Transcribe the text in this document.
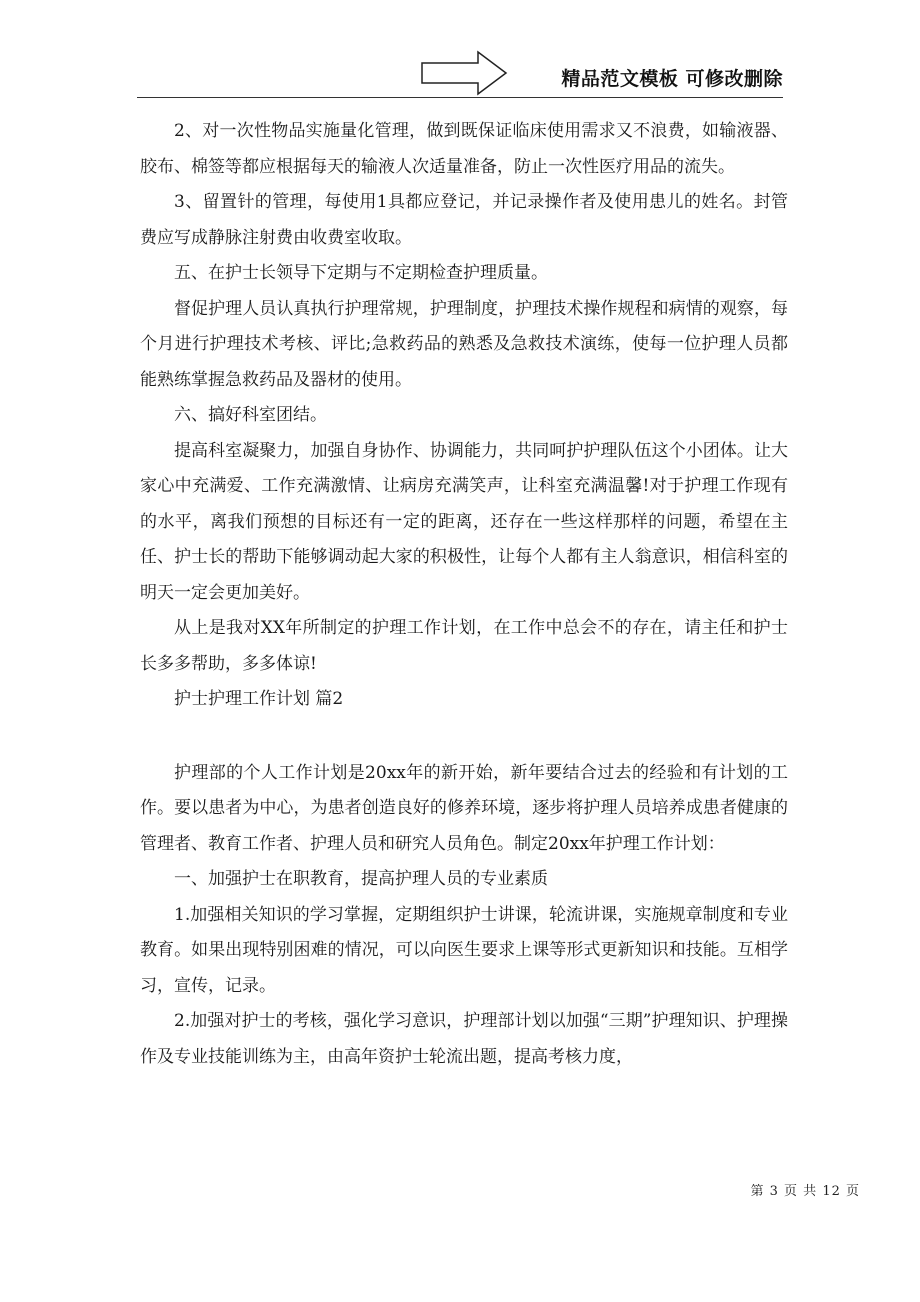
精品范文模板 可修改删除

2、对一次性物品实施量化管理，做到既保证临床使用需求又不浪费，如输液器、胶布、棉签等都应根据每天的输液人次适量准备，防止一次性医疗用品的流失。

3、留置针的管理，每使用1具都应登记，并记录操作者及使用患儿的姓名。封管费应写成静脉注射费由收费室收取。

五、在护士长领导下定期与不定期检查护理质量。

督促护理人员认真执行护理常规，护理制度，护理技术操作规程和病情的观察，每个月进行护理技术考核、评比;急救药品的熟悉及急救技术演练，使每一位护理人员都能熟练掌握急救药品及器材的使用。

六、搞好科室团结。

提高科室凝聚力，加强自身协作、协调能力，共同呵护护理队伍这个小团体。让大家心中充满爱、工作充满激情、让病房充满笑声，让科室充满温馨!对于护理工作现有的水平，离我们预想的目标还有一定的距离，还存在一些这样那样的问题，希望在主任、护士长的帮助下能够调动起大家的积极性，让每个人都有主人翁意识，相信科室的明天一定会更加美好。

从上是我对XX年所制定的护理工作计划，在工作中总会不的存在，请主任和护士长多多帮助，多多体谅!

护士护理工作计划 篇2

护理部的个人工作计划是20xx年的新开始，新年要结合过去的经验和有计划的工作。要以患者为中心，为患者创造良好的修养环境，逐步将护理人员培养成患者健康的管理者、教育工作者、护理人员和研究人员角色。制定20xx年护理工作计划：

一、加强护士在职教育，提高护理人员的专业素质

1.加强相关知识的学习掌握，定期组织护士讲课，轮流讲课，实施规章制度和专业教育。如果出现特别困难的情况，可以向医生要求上课等形式更新知识和技能。互相学习，宣传，记录。

2.加强对护士的考核，强化学习意识，护理部计划以加强“三期”护理知识、护理操作及专业技能训练为主，由高年资护士轮流出题，提高考核力度，

第 3 页 共 12 页
